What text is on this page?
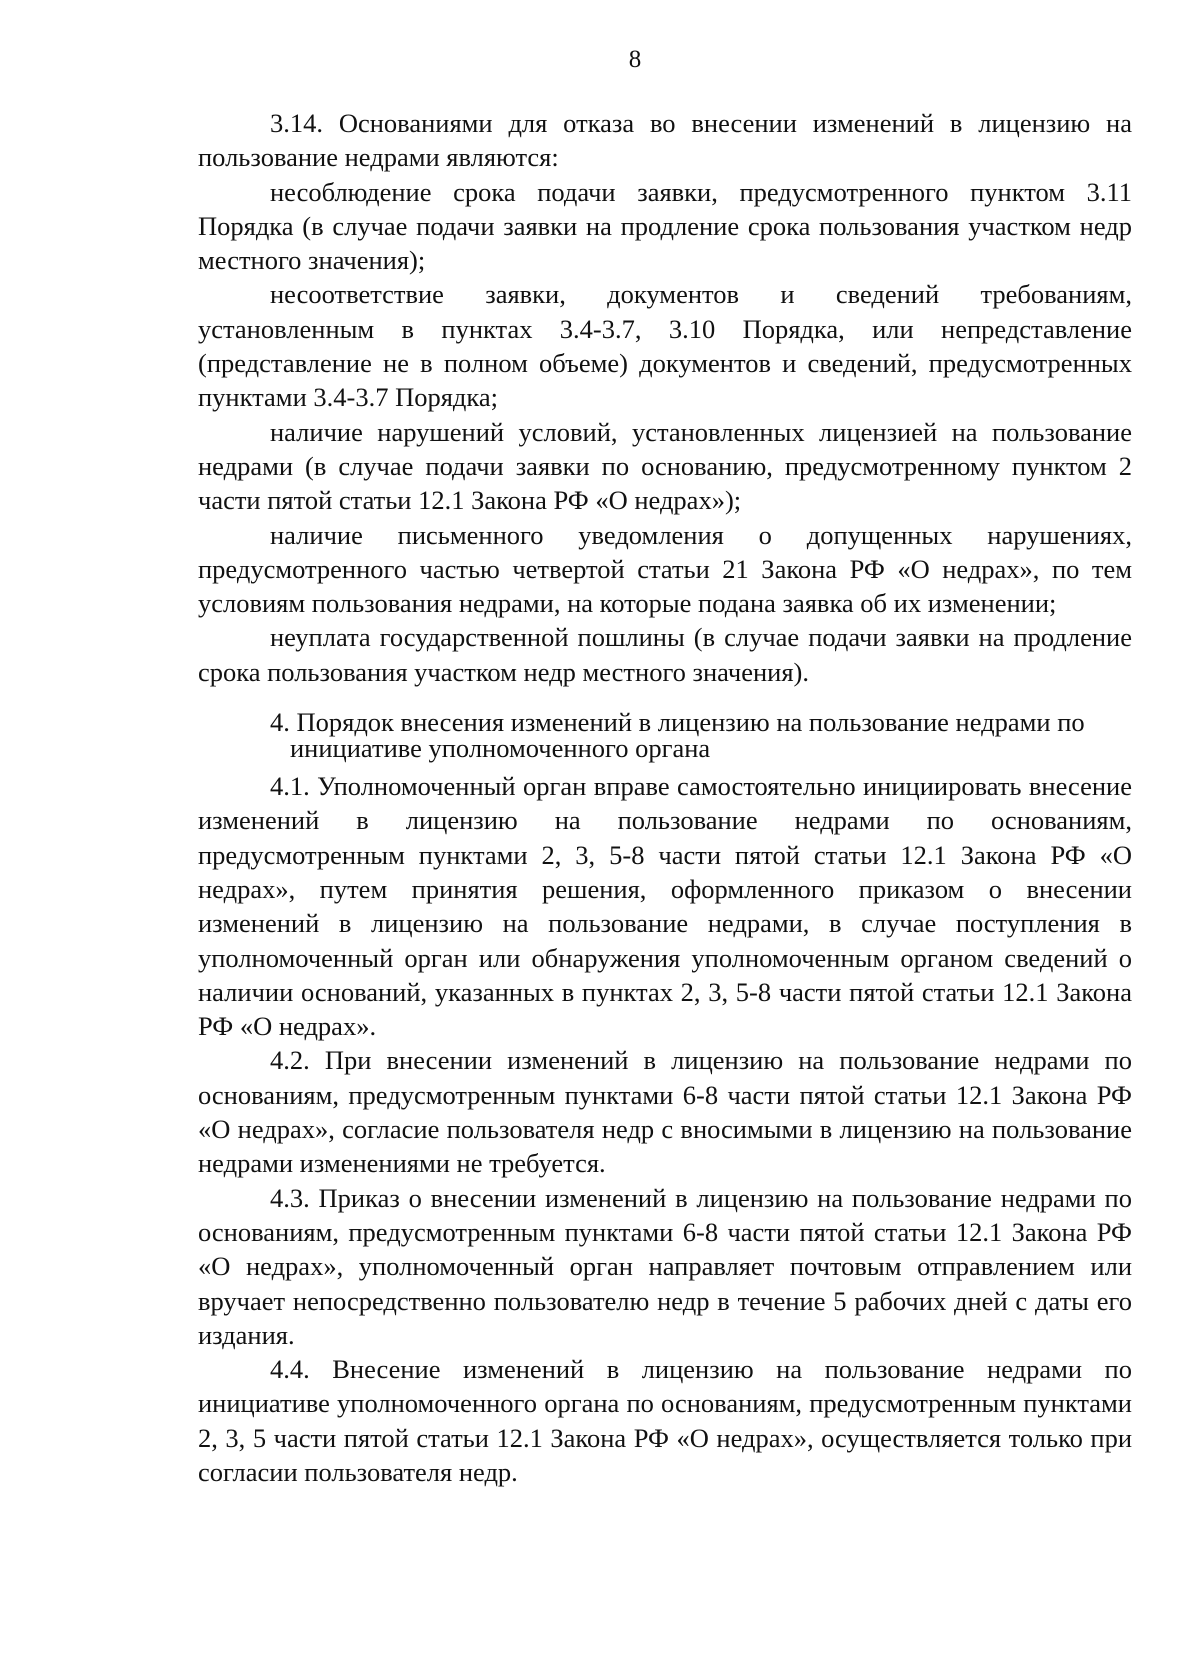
8

3.14. Основаниями для отказа во внесении изменений в лицензию на пользование недрами являются:

несоблюдение срока подачи заявки, предусмотренного пунктом 3.11 Порядка (в случае подачи заявки на продление срока пользования участком недр местного значения);

несоответствие заявки, документов и сведений требованиям, установленным в пунктах 3.4-3.7, 3.10 Порядка, или непредставление (представление не в полном объеме) документов и сведений, предусмотренных пунктами 3.4-3.7 Порядка;

наличие нарушений условий, установленных лицензией на пользование недрами (в случае подачи заявки по основанию, предусмотренному пунктом 2 части пятой статьи 12.1 Закона РФ «О недрах»);

наличие письменного уведомления о допущенных нарушениях, предусмотренного частью четвертой статьи 21 Закона РФ «О недрах», по тем условиям пользования недрами, на которые подана заявка об их изменении;

неуплата государственной пошлины (в случае подачи заявки на продление срока пользования участком недр местного значения).

4. Порядок внесения изменений в лицензию на пользование недрами по
инициативе уполномоченного органа

4.1. Уполномоченный орган вправе самостоятельно инициировать внесение изменений в лицензию на пользование недрами по основаниям, предусмотренным пунктами 2, 3, 5-8 части пятой статьи 12.1 Закона РФ «О недрах», путем принятия решения, оформленного приказом о внесении изменений в лицензию на пользование недрами, в случае поступления в уполномоченный орган или обнаружения уполномоченным органом сведений о наличии оснований, указанных в пунктах 2, 3, 5-8 части пятой статьи 12.1 Закона РФ «О недрах».

4.2. При внесении изменений в лицензию на пользование недрами по основаниям, предусмотренным пунктами 6-8 части пятой статьи 12.1 Закона РФ «О недрах», согласие пользователя недр с вносимыми в лицензию на пользование недрами изменениями не требуется.

4.3. Приказ о внесении изменений в лицензию на пользование недрами по основаниям, предусмотренным пунктами 6-8 части пятой статьи 12.1 Закона РФ «О недрах», уполномоченный орган направляет почтовым отправлением или вручает непосредственно пользователю недр в течение 5 рабочих дней с даты его издания.

4.4. Внесение изменений в лицензию на пользование недрами по инициативе уполномоченного органа по основаниям, предусмотренным пунктами 2, 3, 5 части пятой статьи 12.1 Закона РФ «О недрах», осуществляется только при согласии пользователя недр.
